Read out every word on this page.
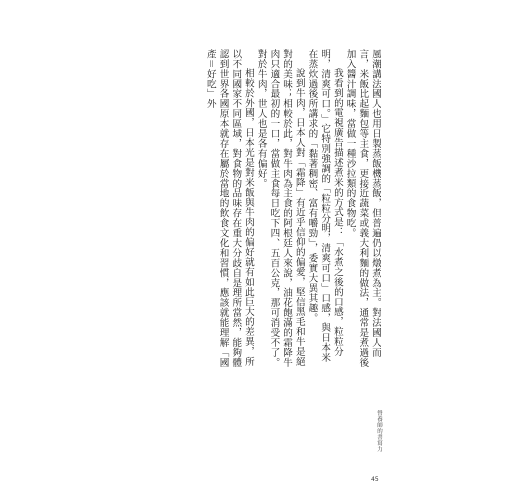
風潮講法國人也用日製蒸飯機蒸飯，但普遍仍以燉煮為主。對法國人而言，米飯比起麵包等主食，更接近蔬菜或義大利麵的做法，通常是煮過後加入醬汁調味，當做一種沙拉類的食物吃。

我看到的電視廣告描述煮米的方式是：「水煮之後的口感，粒粒分明，清爽可口。」它特別強調的「粒粒分明，清爽可口」口感，與日本米在蒸炊過後所講求的「黏著稠密、富有嚼勁」，委實大異其趣。

說到牛肉，日本人對「霜降」有近乎信仰的偏愛，堅信黑毛和牛是絕對的美味；相較於此，對牛肉為主食的阿根廷人來說，油花飽滿的霜降牛肉只適合最初的一口，當做主食每日吃下四、五百公克，那可消受不了。對於牛肉，世人也是各有偏好。

相較於外國，日本光是對米飯與牛肉的偏好就有如此巨大的差異，所以不同國家不同區域，對食物的品味存在重大分歧自是理所當然，能夠體認到世界各國原本就存在屬於當地的飲食文化和習慣，應該就能理解「國產＝好吃」外

營養師的書寫力
45
